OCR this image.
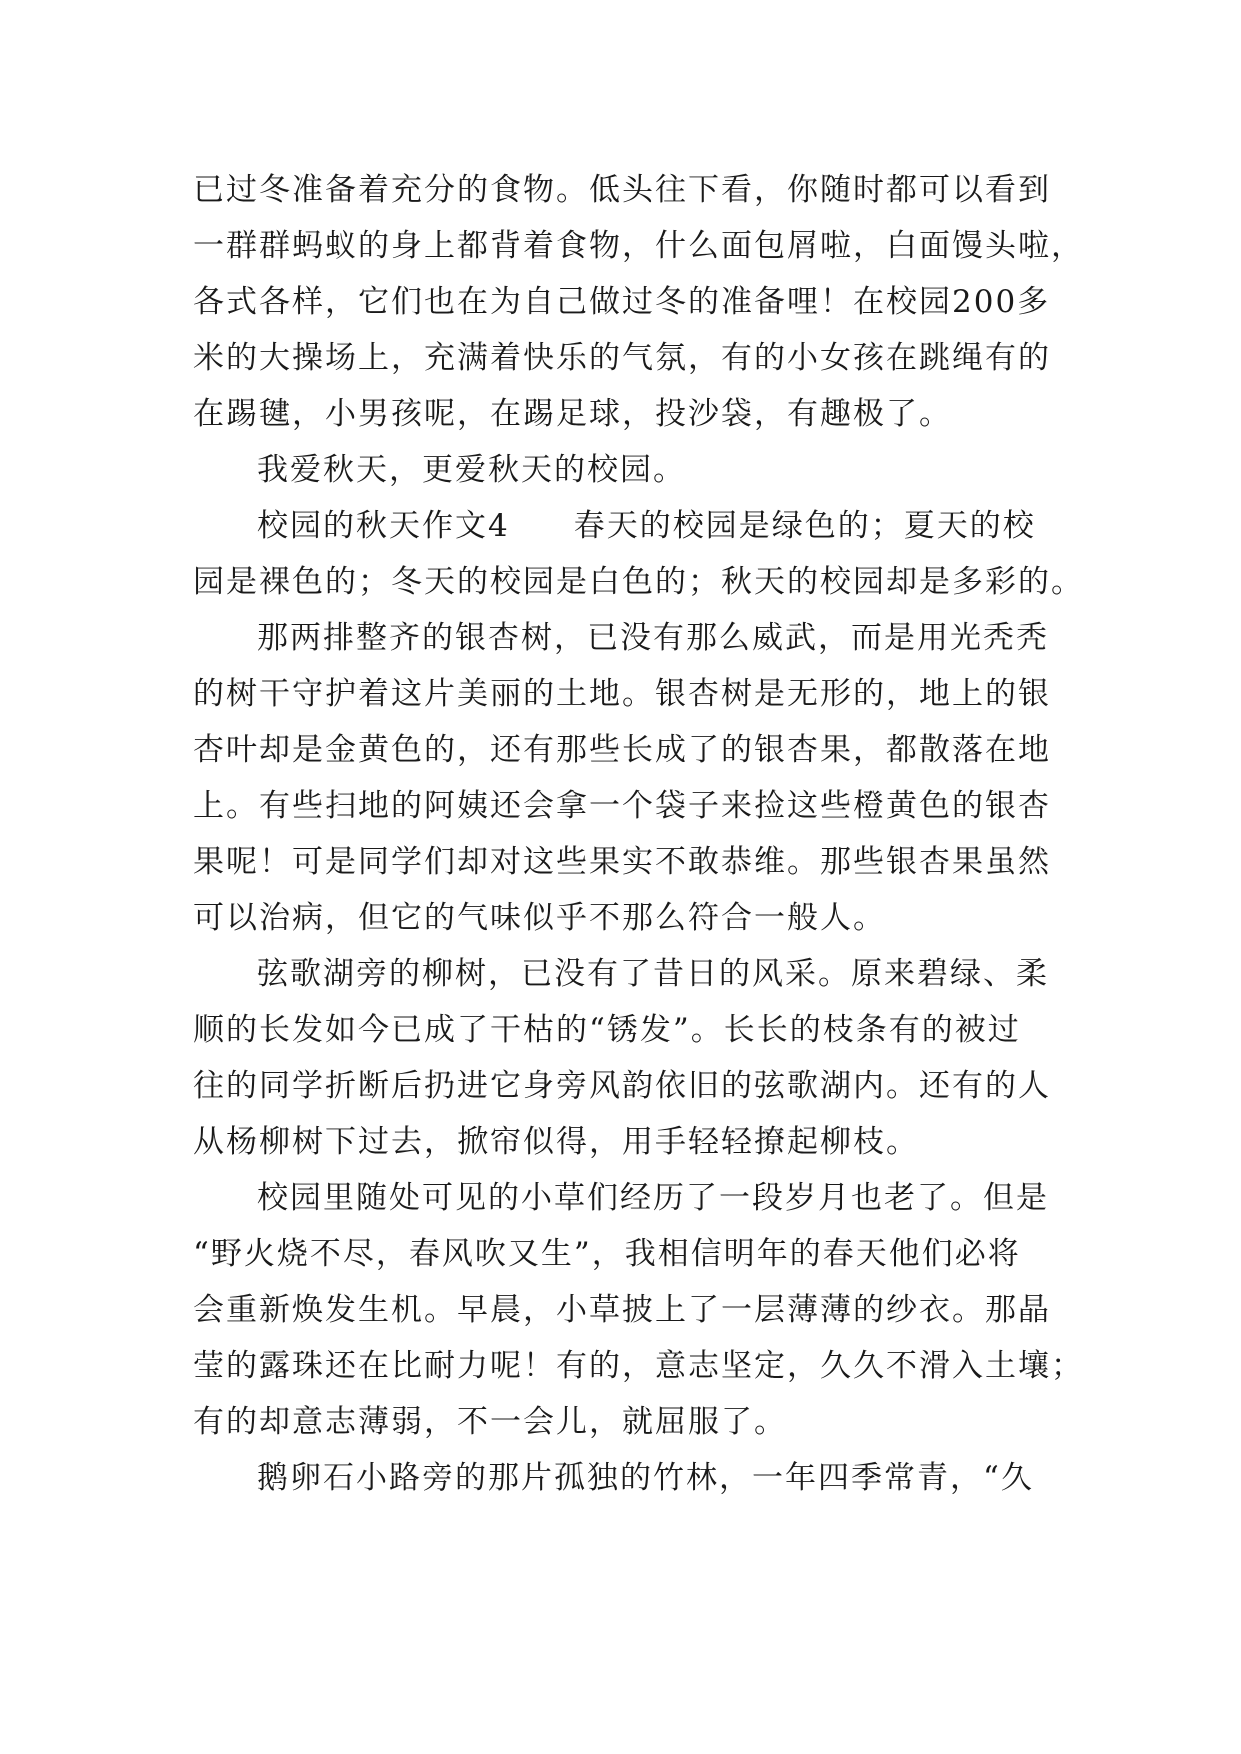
已过冬准备着充分的食物。低头往下看，你随时都可以看到
一群群蚂蚁的身上都背着食物，什么面包屑啦，白面馒头啦，
各式各样，它们也在为自己做过冬的准备哩！在校园200多
米的大操场上，充满着快乐的气氛，有的小女孩在跳绳有的
在踢毽，小男孩呢，在踢足球，投沙袋，有趣极了。
我爱秋天，更爱秋天的校园。
校园的秋天作文4 春天的校园是绿色的；夏天的校
园是裸色的；冬天的校园是白色的；秋天的校园却是多彩的。
那两排整齐的银杏树，已没有那么威武，而是用光秃秃
的树干守护着这片美丽的土地。银杏树是无形的，地上的银
杏叶却是金黄色的，还有那些长成了的银杏果，都散落在地
上。有些扫地的阿姨还会拿一个袋子来捡这些橙黄色的银杏
果呢！可是同学们却对这些果实不敢恭维。那些银杏果虽然
可以治病，但它的气味似乎不那么符合一般人。
弦歌湖旁的柳树，已没有了昔日的风采。原来碧绿、柔
顺的长发如今已成了干枯的“锈发”。长长的枝条有的被过
往的同学折断后扔进它身旁风韵依旧的弦歌湖内。还有的人
从杨柳树下过去，掀帘似得，用手轻轻撩起柳枝。
校园里随处可见的小草们经历了一段岁月也老了。但是
“野火烧不尽，春风吹又生”，我相信明年的春天他们必将
会重新焕发生机。早晨，小草披上了一层薄薄的纱衣。那晶
莹的露珠还在比耐力呢！有的，意志坚定，久久不滑入土壤；
有的却意志薄弱，不一会儿，就屈服了。
鹅卵石小路旁的那片孤独的竹林，一年四季常青，“久
